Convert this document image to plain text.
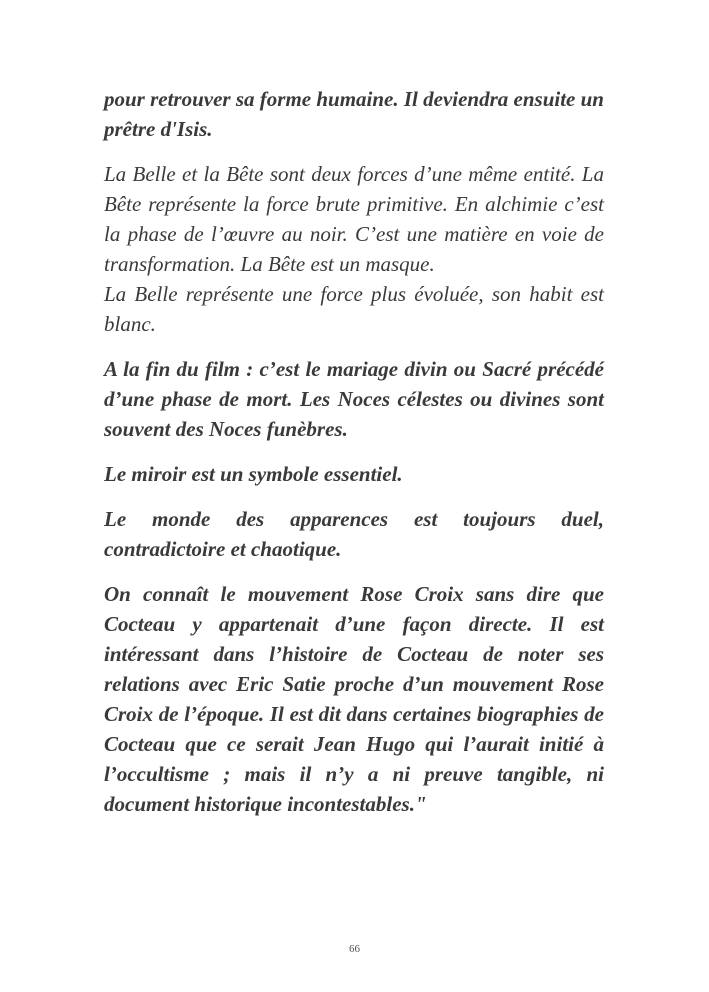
pour retrouver sa forme humaine. Il deviendra ensuite un prêtre d'Isis.

La Belle et la Bête sont deux forces d’une même entité. La Bête représente la force brute primitive. En alchimie c’est la phase de l’œuvre au noir. C’est une matière en voie de transformation. La Bête est un masque.

La Belle représente une force plus évoluée, son habit est blanc.

A la fin du film : c’est le mariage divin ou Sacré précédé d’une phase de mort. Les Noces célestes ou divines sont souvent des Noces funèbres.

Le miroir est un symbole essentiel.

Le monde des apparences est toujours duel, contradictoire et chaotique.

On connaît le mouvement Rose Croix sans dire que Cocteau y appartenait d’une façon directe. Il est intéressant dans l’histoire de Cocteau de noter ses relations avec Eric Satie proche d’un mouvement Rose Croix de l’époque. Il est dit dans certaines biographies de Cocteau que ce serait Jean Hugo qui l’aurait initié à l’occultisme ; mais il n’y a ni preuve tangible, ni document historique incontestables."

66
